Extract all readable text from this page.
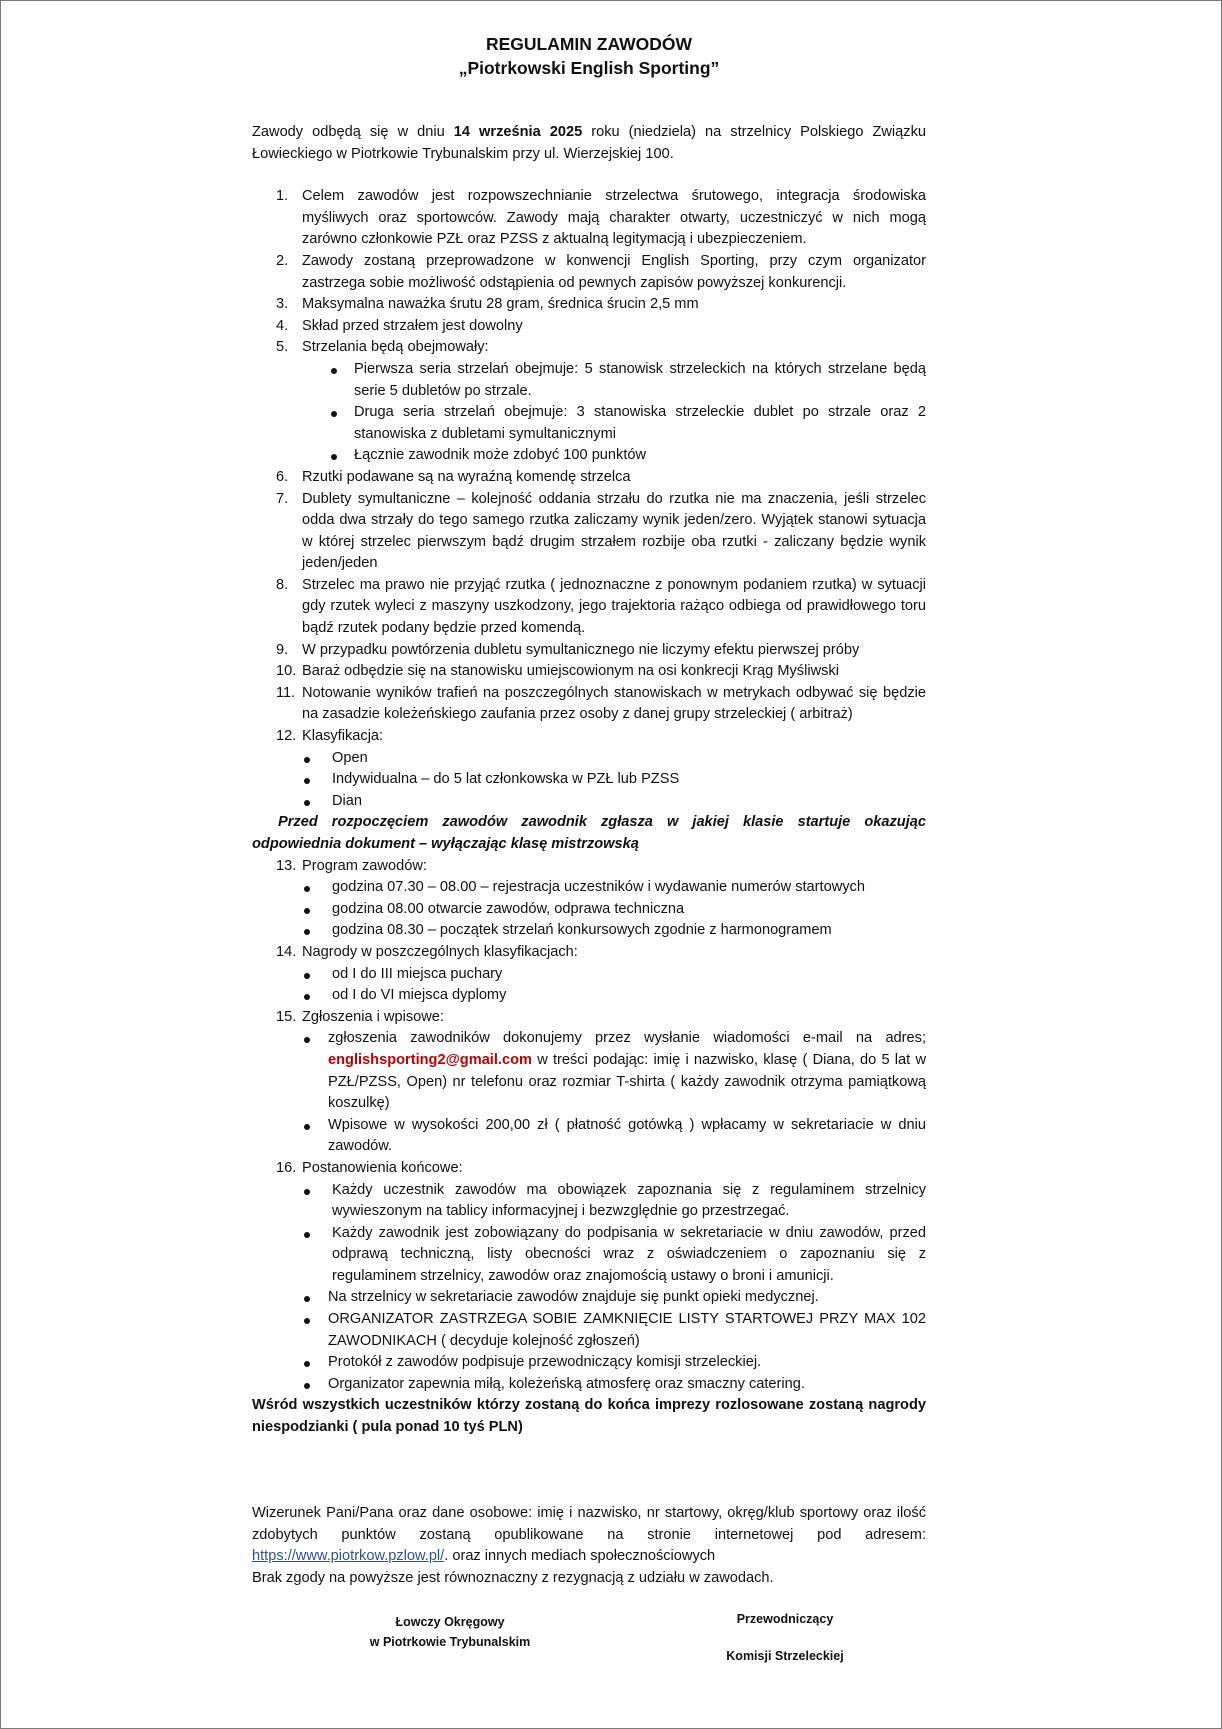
REGULAMIN ZAWODÓW
„Piotrkowski English Sporting”

Zawody odbędą się w dniu 14 września 2025 roku (niedziela) na strzelnicy Polskiego Związku Łowieckiego w Piotrkowie Trybunalskim przy ul. Wierzejskiej 100.

1. Celem zawodów jest rozpowszechnianie strzelectwa śrutowego, integracja środowiska myśliwych oraz sportowców. Zawody mają charakter otwarty, uczestniczyć w nich mogą zarówno członkowie PZŁ oraz PZSS z aktualną legitymacją i ubezpieczeniem.
2. Zawody zostaną przeprowadzone w konwencji English Sporting, przy czym organizator zastrzega sobie możliwość odstąpienia od pewnych zapisów powyższej konkurencji.
3. Maksymalna naważka śrutu 28 gram, średnica śrucin 2,5 mm
4. Skład przed strzałem jest dowolny
5. Strzelania będą obejmowały:
Pierwsza seria strzelań obejmuje: 5 stanowisk strzeleckich na których strzelane będą serie 5 dubletów po strzale.
Druga seria strzelań obejmuje: 3 stanowiska strzeleckie dublet po strzale oraz 2 stanowiska z dubletami symultanicznymi
Łącznie zawodnik może zdobyć 100 punktów
6. Rzutki podawane są na wyraźną komendę strzelca
7. Dublety symultaniczne – kolejność oddania strzału do rzutka nie ma znaczenia, jeśli strzelec odda dwa strzały do tego samego rzutka zaliczamy wynik jeden/zero. Wyjątek stanowi sytuacja w której strzelec pierwszym bądź drugim strzałem rozbije oba rzutki - zaliczany będzie wynik jeden/jeden
8. Strzelec ma prawo nie przyjąć rzutka ( jednoznaczne z ponownym podaniem rzutka) w sytuacji gdy rzutek wyleci z maszyny uszkodzony, jego trajektoria rażąco odbiega od prawidłowego toru bądź rzutek podany będzie przed komendą.
9. W przypadku powtórzenia dubletu symultanicznego nie liczymy efektu pierwszej próby
10. Baraż odbędzie się na stanowisku umiejscowionym na osi konkrecji Krąg Myśliwski
11. Notowanie wyników trafień na poszczególnych stanowiskach w metrykach odbywać się będzie na zasadzie koleżeńskiego zaufania przez osoby z danej grupy strzeleckiej ( arbitraż)
12. Klasyfikacja:
Open
Indywidualna – do 5 lat członkowska w PZŁ lub PZSS
Dian

Przed rozpoczęciem zawodów zawodnik zgłasza w jakiej klasie startuje okazując odpowiednia dokument – wyłączając klasę mistrzowską

13. Program zawodów:
godzina 07.30 – 08.00 – rejestracja uczestników i wydawanie numerów startowych
godzina 08.00 otwarcie zawodów, odprawa techniczna
godzina 08.30 – początek strzelań konkursowych zgodnie z harmonogramem
14. Nagrody w poszczególnych klasyfikacjach:
od I do III miejsca puchary
od I do VI miejsca dyplomy
15. Zgłoszenia i wpisowe:
zgłoszenia zawodników dokonujemy przez wysłanie wiadomości e-mail na adres; englishsporting2@gmail.com w treści podając: imię i nazwisko, klasę ( Diana, do 5 lat w PZŁ/PZSS, Open) nr telefonu oraz rozmiar T-shirta ( każdy zawodnik otrzyma pamiątkową koszulkę)
Wpisowe w wysokości 200,00 zł ( płatność gotówką ) wpłacamy w sekretariacie w dniu zawodów.
16. Postanowienia końcowe:
Każdy uczestnik zawodów ma obowiązek zapoznania się z regulaminem strzelnicy wywieszonym na tablicy informacyjnej i bezwzględnie go przestrzegać.
Każdy zawodnik jest zobowiązany do podpisania w sekretariacie w dniu zawodów, przed odprawą techniczną, listy obecności wraz z oświadczeniem o zapoznaniu się z regulaminem strzelnicy, zawodów oraz znajomością ustawy o broni i amunicji.
Na strzelnicy w sekretariacie zawodów znajduje się punkt opieki medycznej.
ORGANIZATOR ZASTRZEGA SOBIE ZAMKNIĘCIE LISTY STARTOWEJ PRZY MAX 102 ZAWODNIKACH ( decyduje kolejność zgłoszeń)
Protokół z zawodów podpisuje przewodniczący komisji strzeleckiej.
Organizator zapewnia miłą, koleżeńską atmosferę oraz smaczny catering.

Wśród wszystkich uczestników którzy zostaną do końca imprezy rozlosowane zostaną nagrody niespodzianki ( pula ponad 10 tyś PLN)

Wizerunek Pani/Pana oraz dane osobowe: imię i nazwisko, nr startowy, okręg/klub sportowy oraz ilość zdobytych punktów zostaną opublikowane na stronie internetowej pod adresem: https://www.piotrkow.pzlow.pl/. oraz innych mediach społecznościowych

Brak zgody na powyższe jest równoznaczny z rezygnacją z udziału w zawodach.

Łowczy Okręgowy
w Piotrkowie Trybunalskim
Przewodniczący
Komisji Strzeleckiej
